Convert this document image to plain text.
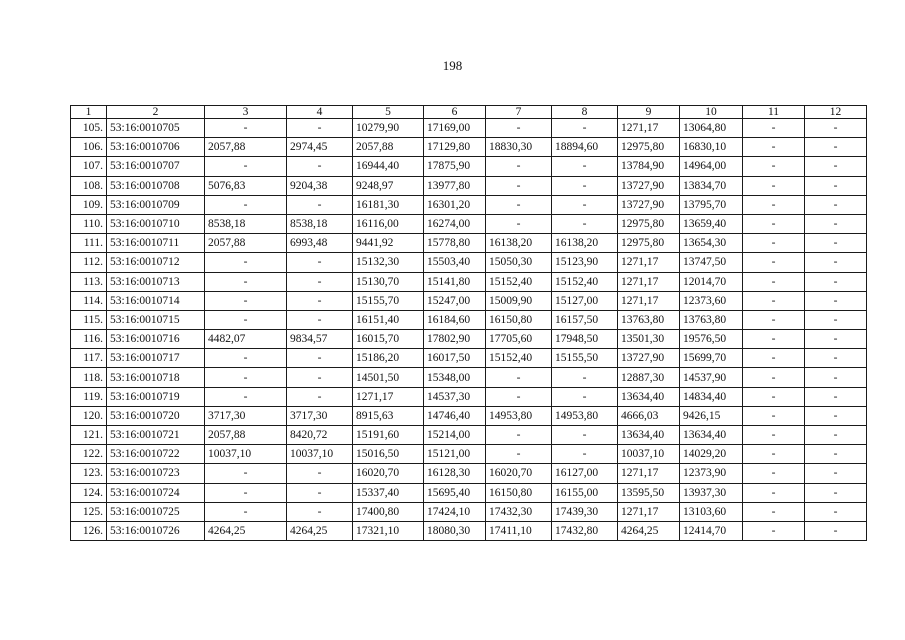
198
1	2	3	4	5	6	7	8	9	10	11	12
105.	53:16:0010705	-	-	10279,90	17169,00	-	-	1271,17	13064,80	-	-
106.	53:16:0010706	2057,88	2974,45	2057,88	17129,80	18830,30	18894,60	12975,80	16830,10	-	-
107.	53:16:0010707	-	-	16944,40	17875,90	-	-	13784,90	14964,00	-	-
108.	53:16:0010708	5076,83	9204,38	9248,97	13977,80	-	-	13727,90	13834,70	-	-
109.	53:16:0010709	-	-	16181,30	16301,20	-	-	13727,90	13795,70	-	-
110.	53:16:0010710	8538,18	8538,18	16116,00	16274,00	-	-	12975,80	13659,40	-	-
111.	53:16:0010711	2057,88	6993,48	9441,92	15778,80	16138,20	16138,20	12975,80	13654,30	-	-
112.	53:16:0010712	-	-	15132,30	15503,40	15050,30	15123,90	1271,17	13747,50	-	-
113.	53:16:0010713	-	-	15130,70	15141,80	15152,40	15152,40	1271,17	12014,70	-	-
114.	53:16:0010714	-	-	15155,70	15247,00	15009,90	15127,00	1271,17	12373,60	-	-
115.	53:16:0010715	-	-	16151,40	16184,60	16150,80	16157,50	13763,80	13763,80	-	-
116.	53:16:0010716	4482,07	9834,57	16015,70	17802,90	17705,60	17948,50	13501,30	19576,50	-	-
117.	53:16:0010717	-	-	15186,20	16017,50	15152,40	15155,50	13727,90	15699,70	-	-
118.	53:16:0010718	-	-	14501,50	15348,00	-	-	12887,30	14537,90	-	-
119.	53:16:0010719	-	-	1271,17	14537,30	-	-	13634,40	14834,40	-	-
120.	53:16:0010720	3717,30	3717,30	8915,63	14746,40	14953,80	14953,80	4666,03	9426,15	-	-
121.	53:16:0010721	2057,88	8420,72	15191,60	15214,00	-	-	13634,40	13634,40	-	-
122.	53:16:0010722	10037,10	10037,10	15016,50	15121,00	-	-	10037,10	14029,20	-	-
123.	53:16:0010723	-	-	16020,70	16128,30	16020,70	16127,00	1271,17	12373,90	-	-
124.	53:16:0010724	-	-	15337,40	15695,40	16150,80	16155,00	13595,50	13937,30	-	-
125.	53:16:0010725	-	-	17400,80	17424,10	17432,30	17439,30	1271,17	13103,60	-	-
126.	53:16:0010726	4264,25	4264,25	17321,10	18080,30	17411,10	17432,80	4264,25	12414,70	-	-
